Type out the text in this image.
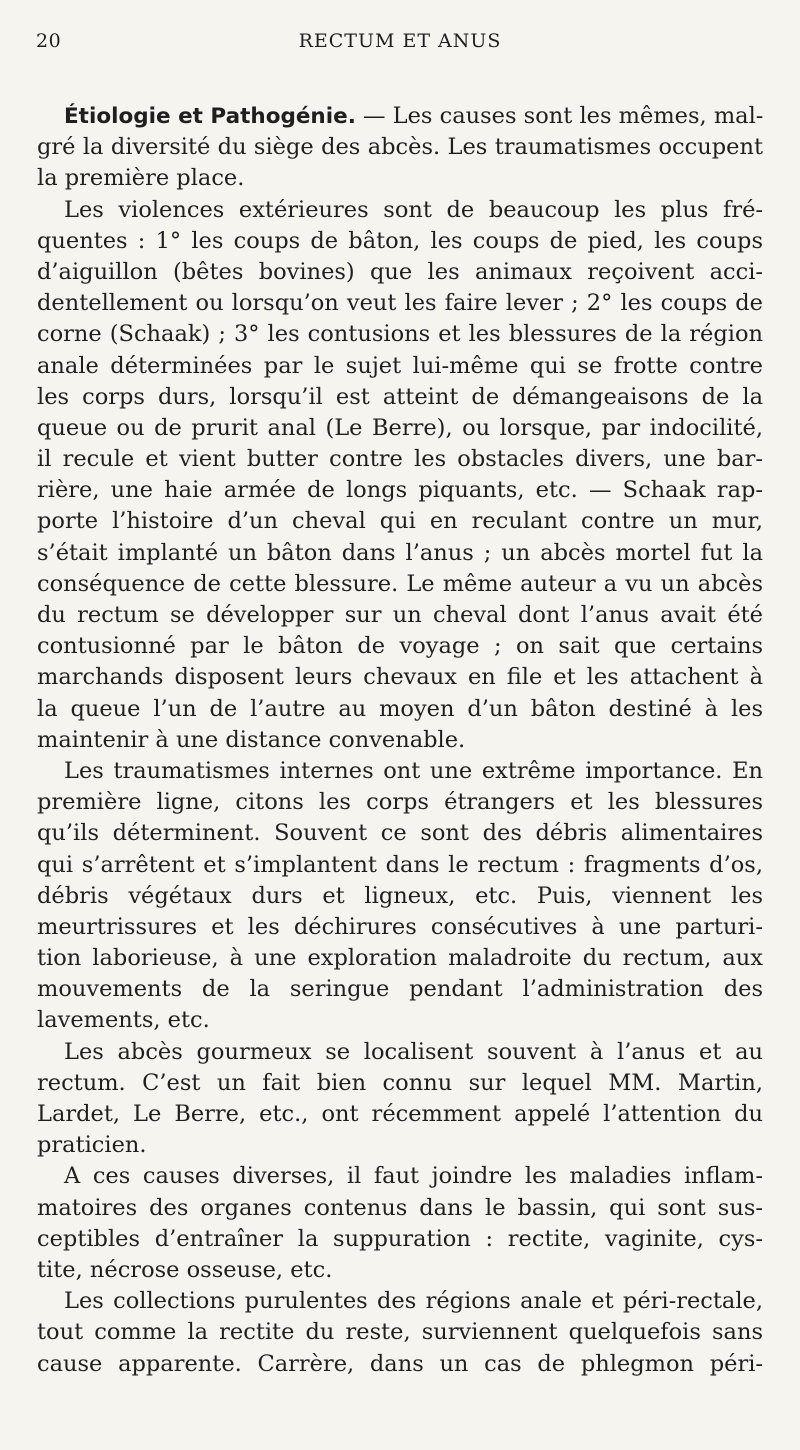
20	RECTUM ET ANUS
Étiologie et Pathogénie. — Les causes sont les mêmes, mal-
gré la diversité du siège des abcès. Les traumatismes occupent
la première place.
Les violences extérieures sont de beaucoup les plus fré-
quentes : 1° les coups de bâton, les coups de pied, les coups
d’aiguillon (bêtes bovines) que les animaux reçoivent acci-
dentellement ou lorsqu’on veut les faire lever ; 2° les coups de
corne (Schaak) ; 3° les contusions et les blessures de la région
anale déterminées par le sujet lui-même qui se frotte contre
les corps durs, lorsqu’il est atteint de démangeaisons de la
queue ou de prurit anal (Le Berre), ou lorsque, par indocilité,
il recule et vient butter contre les obstacles divers, une bar-
rière, une haie armée de longs piquants, etc. — Schaak rap-
porte l’histoire d’un cheval qui en reculant contre un mur,
s’était implanté un bâton dans l’anus ; un abcès mortel fut la
conséquence de cette blessure. Le même auteur a vu un abcès
du rectum se développer sur un cheval dont l’anus avait été
contusionné par le bâton de voyage ; on sait que certains
marchands disposent leurs chevaux en file et les attachent à
la queue l’un de l’autre au moyen d’un bâton destiné à les
maintenir à une distance convenable.
Les traumatismes internes ont une extrême importance. En
première ligne, citons les corps étrangers et les blessures
qu’ils déterminent. Souvent ce sont des débris alimentaires
qui s’arrêtent et s’implantent dans le rectum : fragments d’os,
débris végétaux durs et ligneux, etc. Puis, viennent les
meurtrissures et les déchirures consécutives à une parturi-
tion laborieuse, à une exploration maladroite du rectum, aux
mouvements de la seringue pendant l’administration des
lavements, etc.
Les abcès gourmeux se localisent souvent à l’anus et au
rectum. C’est un fait bien connu sur lequel MM. Martin,
Lardet, Le Berre, etc., ont récemment appelé l’attention du
praticien.
A ces causes diverses, il faut joindre les maladies inflam-
matoires des organes contenus dans le bassin, qui sont sus-
ceptibles d’entraîner la suppuration : rectite, vaginite, cys-
tite, nécrose osseuse, etc.
Les collections purulentes des régions anale et péri-rectale,
tout comme la rectite du reste, surviennent quelquefois sans
cause apparente. Carrère, dans un cas de phlegmon péri-
